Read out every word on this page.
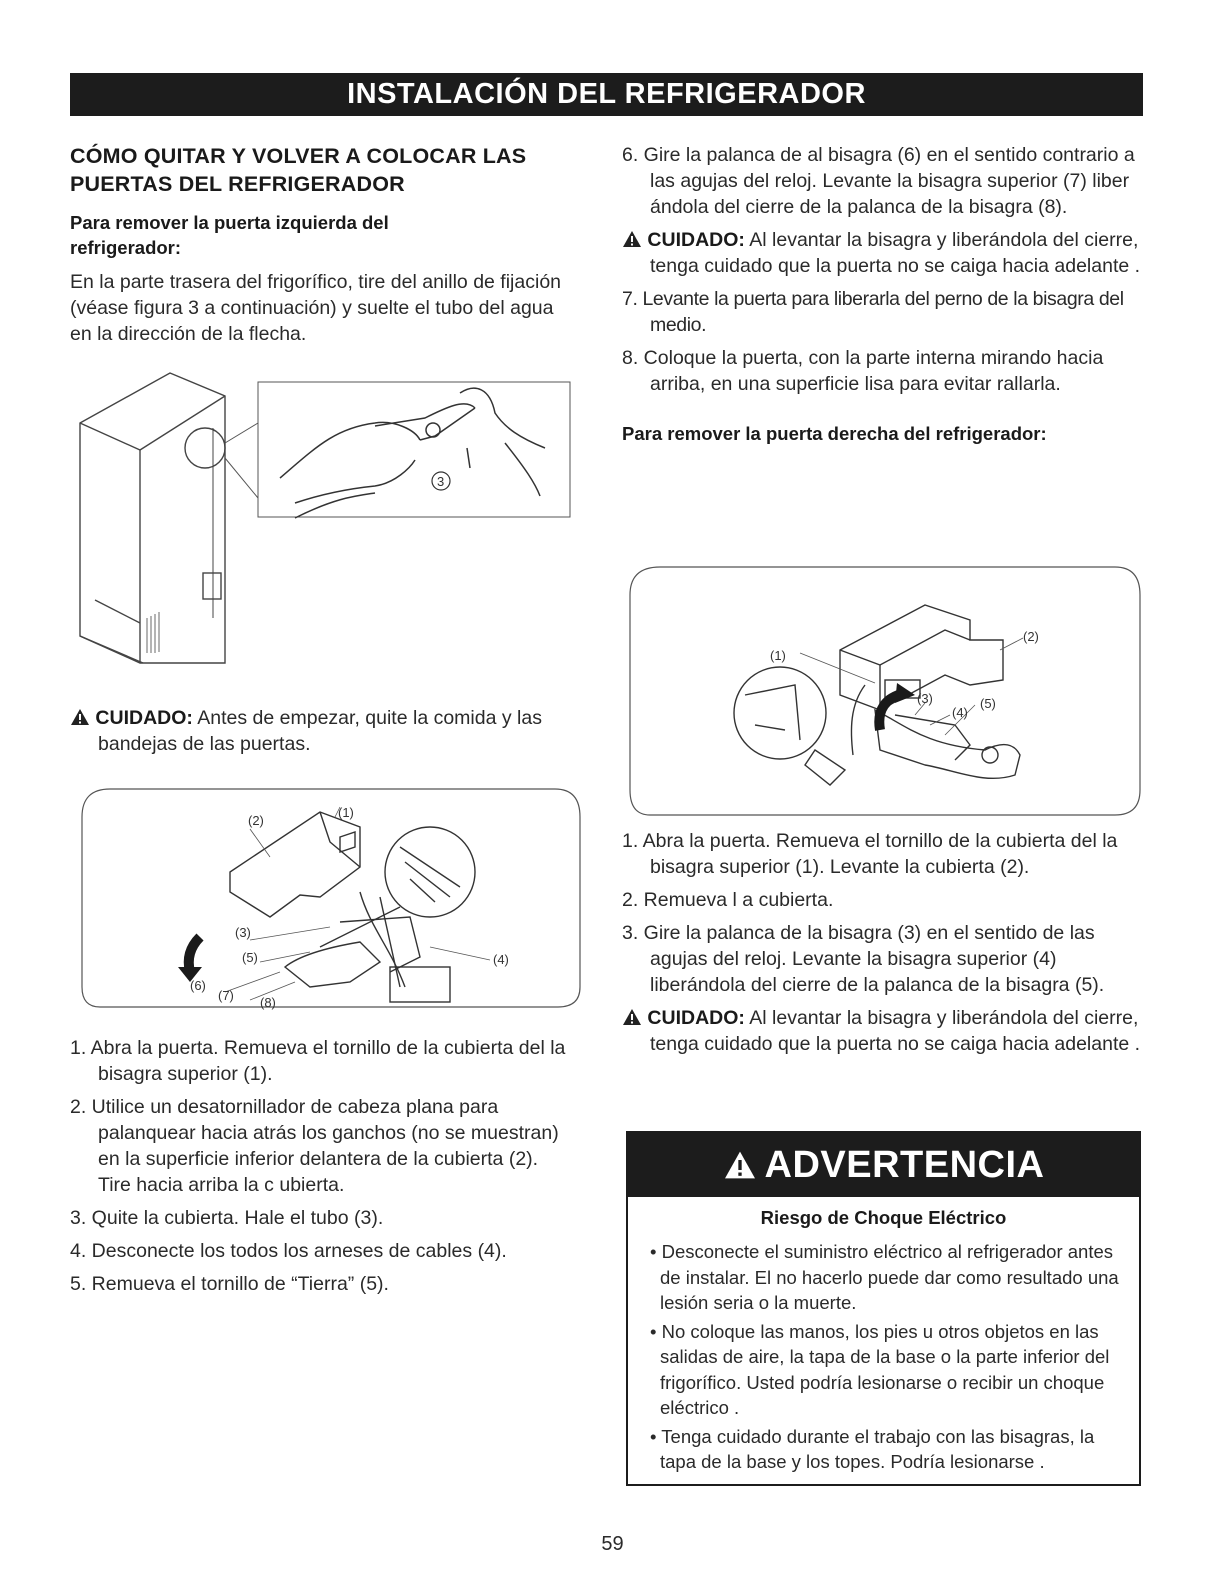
INSTALACIÓN DEL REFRIGERADOR
CÓMO QUITAR Y VOLVER A COLOCAR LAS
PUERTAS DEL REFRIGERADOR
Para remover la puerta izquierda del refrigerador:

En la parte trasera del frigorífico, tire del anillo de fijación (véase figura 3 a continuación) y suelte el tubo del agua en la dirección de la flecha.

3
CUIDADO: Antes de empezar, quite la comida y las bandejas de las puertas.
(2)
(1)
(3)
(4)
(5)
(6)
(7) (8)
1. Abra la puerta. Remueva el tornillo de la cubierta del la bisagra superior (1).
2. Utilice un desatornillador de cabeza plana para palanquear hacia atrás los ganchos (no se muestran) en la superficie inferior delantera de la cubierta (2). Tire hacia arriba la c ubierta.
3. Quite la cubierta. Hale el tubo (3).
4. Desconecte los todos los arneses de cables (4).
5. Remueva el tornillo de “Tierra” (5).
6. Gire la palanca de al bisagra (6) en el sentido contrario a las agujas del reloj. Levante la bisagra superior (7) liber ándola del cierre de la palanca de la bisagra (8).
CUIDADO: Al levantar la bisagra y liberándola del cierre, tenga cuidado que la puerta no se caiga hacia adelante .
7. Levante la puerta para liberarla del perno de la bisagra del medio.
8. Coloque la puerta, con la parte interna mirando hacia arriba, en una superficie lisa para evitar rallarla.
Para remover la puerta derecha del refrigerador:
(1)
(2)
(3)
(4)
(5)
1. Abra la puerta. Remueva el tornillo de la cubierta del la bisagra superior (1). Levante la cubierta (2).
2. Remueva l a cubierta.
3. Gire la palanca de la bisagra (3) en el sentido de las agujas del reloj. Levante la bisagra superior (4) liberándola del cierre de la palanca de la bisagra (5).
CUIDADO: Al levantar la bisagra y liberándola del cierre, tenga cuidado que la puerta no se caiga hacia adelante .
ADVERTENCIA
Riesgo de Choque Eléctrico
• Desconecte el suministro eléctrico al refrigerador antes de instalar. El no hacerlo puede dar como resultado una lesión seria o la muerte.
• No coloque las manos, los pies u otros objetos en las salidas de aire, la tapa de la base o la parte inferior del frigorífico. Usted podría lesionarse o recibir un choque eléctrico .
• Tenga cuidado durante el trabajo con las bisagras, la tapa de la base y los topes. Podría lesionarse .
59
